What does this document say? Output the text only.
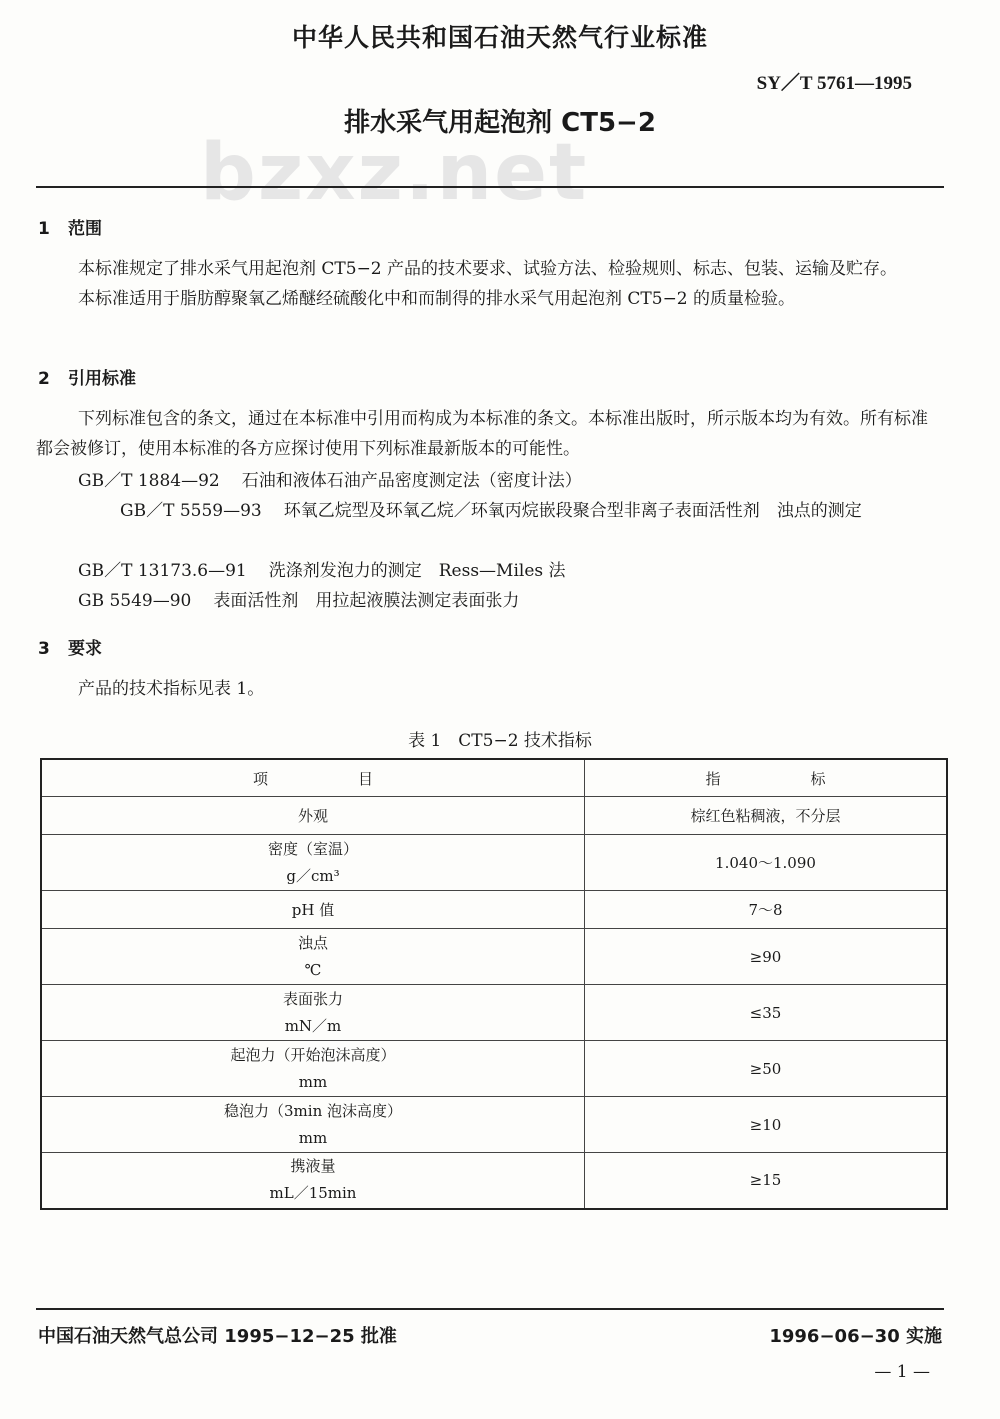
中华人民共和国石油天然气行业标准
SY／T 5761—1995
排水采气用起泡剂 CT5−2
bzxz.net
1 范围

本标准规定了排水采气用起泡剂 CT5−2 产品的技术要求、试验方法、检验规则、标志、包装、运输及贮存。

本标准适用于脂肪醇聚氧乙烯醚经硫酸化中和而制得的排水采气用起泡剂 CT5−2 的质量检验。

2 引用标准

下列标准包含的条文，通过在本标准中引用而构成为本标准的条文。本标准出版时，所示版本均为有效。所有标准都会被修订，使用本标准的各方应探讨使用下列标准最新版本的可能性。

GB／T 1884—92 石油和液体石油产品密度测定法（密度计法）
GB／T 5559—93 环氧乙烷型及环氧乙烷／环氧丙烷嵌段聚合型非离子表面活性剂　浊点的测定
GB／T 13173.6—91 洗涤剂发泡力的测定　Ress—Miles 法
GB 5549—90 表面活性剂　用拉起液膜法测定表面张力
3 要求

产品的技术指标见表 1。

表 1　CT5−2 技术指标
项目	指标
外观	棕红色粘稠液，不分层

密度（室温）
g／cm³	1.040～1.090
pH 值	7～8

浊点
℃	≥90

表面张力
mN／m	≤35

起泡力（开始泡沫高度）
mm	≥50

稳泡力（3min 泡沫高度）
mm	≥10

携液量
mL／15min	≥15
中国石油天然气总公司 1995−12−25 批准	1996−06−30 实施
— 1 —
